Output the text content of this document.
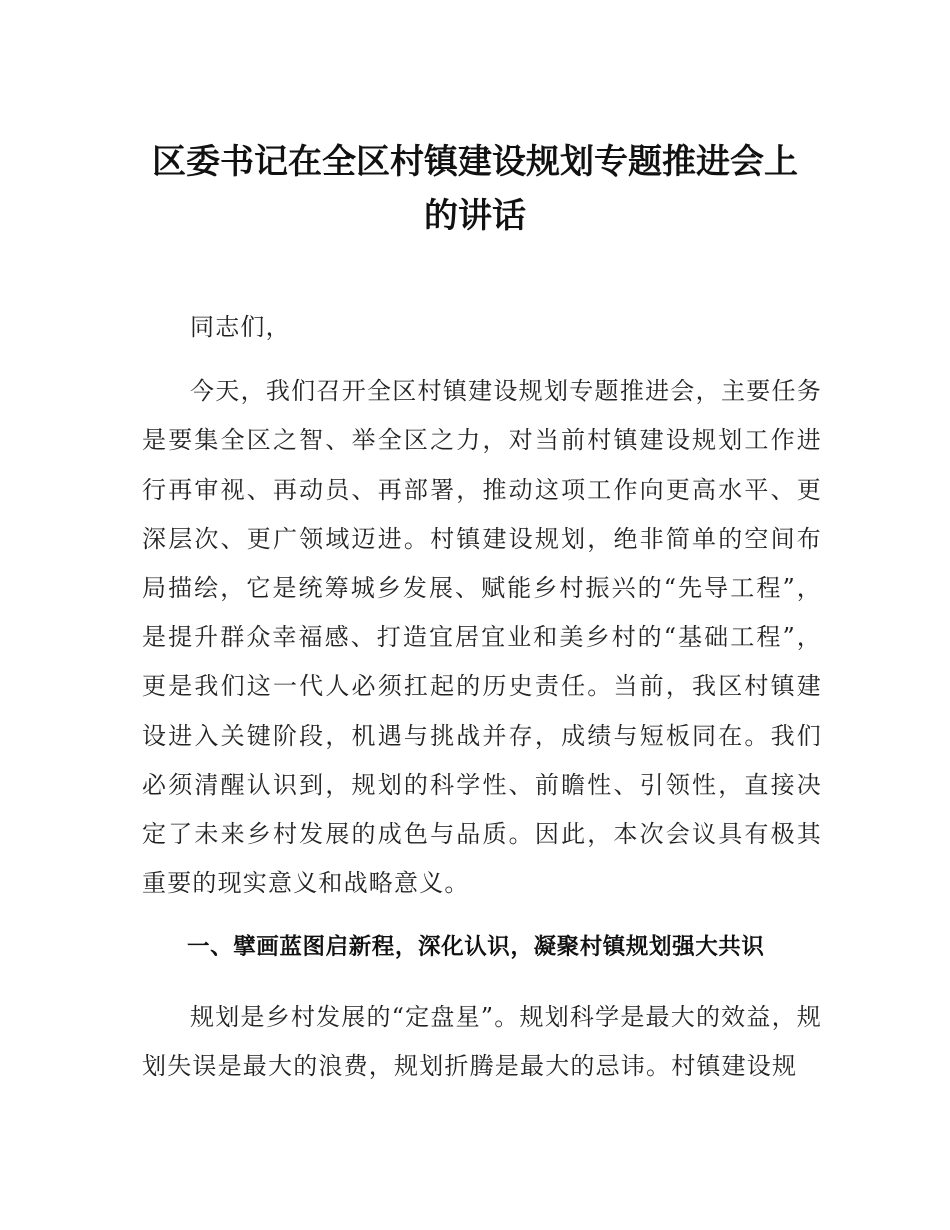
区委书记在全区村镇建设规划专题推进会上
的讲话

同志们，

今天，我们召开全区村镇建设规划专题推进会，主要任务是要集全区之智、举全区之力，对当前村镇建设规划工作进行再审视、再动员、再部署，推动这项工作向更高水平、更深层次、更广领域迈进。村镇建设规划，绝非简单的空间布局描绘，它是统筹城乡发展、赋能乡村振兴的“先导工程”，是提升群众幸福感、打造宜居宜业和美乡村的“基础工程”，更是我们这一代人必须扛起的历史责任。当前，我区村镇建设进入关键阶段，机遇与挑战并存，成绩与短板同在。我们必须清醒认识到，规划的科学性、前瞻性、引领性，直接决定了未来乡村发展的成色与品质。因此，本次会议具有极其重要的现实意义和战略意义。

一、擘画蓝图启新程，深化认识，凝聚村镇规划强大共识

规划是乡村发展的“定盘星”。规划科学是最大的效益，规划失误是最大的浪费，规划折腾是最大的忌讳。村镇建设规
